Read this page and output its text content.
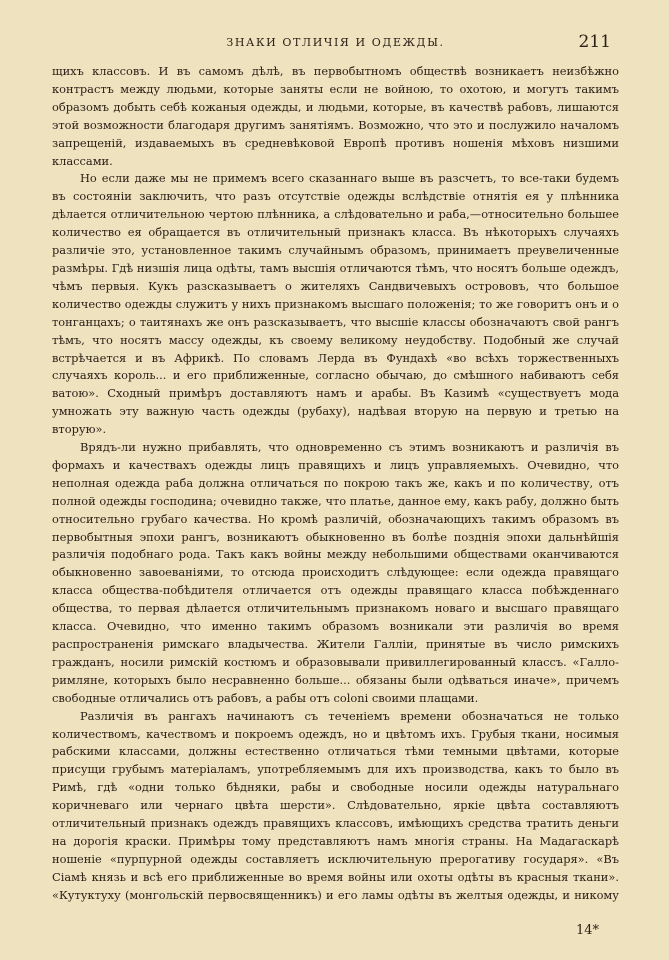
ЗНАКИ ОТЛИЧІЯ И ОДЕЖДЫ.	211

щихъ классовъ. И въ самомъ дѣлѣ, въ первобытномъ обществѣ возникаетъ неизбѣжно контрастъ между людьми, которые заняты если не войною, то охотою, и могутъ такимъ образомъ добыть себѣ кожаныя одежды, и людьми, которые, въ качествѣ рабовъ, лишаются этой возможности благодаря другимъ занятіямъ. Возможно, что это и послужило началомъ запрещеній, издаваемыхъ въ средневѣковой Европѣ противъ ношенія мѣховъ низшими классами.

Но если даже мы не примемъ всего сказаннаго выше въ разсчетъ, то все-таки будемъ въ состояніи заключить, что разъ отсутствіе одежды вслѣдствіе отнятія ея у плѣнника дѣлается отличительною чертою плѣнника, а слѣдовательно и раба,—относительно большее количество ея обращается въ отличительный признакъ класса. Въ нѣкоторыхъ случаяхъ различіе это, установленное такимъ случайнымъ образомъ, принимаетъ преувеличенные размѣры. Гдѣ низшія лица одѣты, тамъ высшія отличаются тѣмъ, что носятъ больше одеждъ, чѣмъ первыя. Кукъ разсказываетъ о жителяхъ Сандвичевыхъ острововъ, что большое количество одежды служитъ у нихъ признакомъ высшаго положенія; то же говоритъ онъ и о тонганцахъ; о таитянахъ же онъ разсказываетъ, что высшіе классы обозначаютъ свой рангъ тѣмъ, что носятъ массу одежды, къ своему великому неудобству. Подобный же случай встрѣчается и въ Африкѣ. По словамъ Лерда въ Фундахѣ «во всѣхъ торжественныхъ случаяхъ король... и его приближенные, согласно обычаю, до смѣшного набиваютъ себя ватою». Сходный примѣръ доставляютъ намъ и арабы. Въ Казимѣ «существуетъ мода умножать эту важную часть одежды (рубаху), надѣвая вторую на первую и третью на вторую».

Врядъ-ли нужно прибавлять, что одновременно съ этимъ возникаютъ и различія въ формахъ и качествахъ одежды лицъ правящихъ и лицъ управляемыхъ. Очевидно, что неполная одежда раба должна отличаться по покрою такъ же, какъ и по количеству, отъ полной одежды господина; очевидно также, что платье, данное ему, какъ рабу, должно быть относительно грубаго качества. Но кромѣ различій, обозначающихъ такимъ образомъ въ первобытныя эпохи рангъ, возникаютъ обыкновенно въ болѣе позднія эпохи дальнѣйшія различія подобнаго рода. Такъ какъ войны между небольшими обществами оканчиваются обыкновенно завоеваніями, то отсюда происходитъ слѣдующее: если одежда правящаго класса общества-побѣдителя отличается отъ одежды правящаго класса побѣжденнаго общества, то первая дѣлается отличительнымъ признакомъ новаго и высшаго правящаго класса. Очевидно, что именно такимъ образомъ возникали эти различія во время распространенія римскаго владычества. Жители Галліи, принятые въ число римскихъ гражданъ, носили римскій костюмъ и образовывали привиллегированный классъ. «Галло-римляне, которыхъ было несравненно больше... обязаны были одѣваться иначе», причемъ свободные отличались отъ рабовъ, а рабы отъ coloni своими плащами.

Различія въ рангахъ начинаютъ съ теченіемъ времени обозначаться не только количествомъ, качествомъ и покроемъ одеждъ, но и цвѣтомъ ихъ. Грубыя ткани, носимыя рабскими классами, должны естественно отличаться тѣми темными цвѣтами, которые присущи грубымъ матеріаламъ, употребляемымъ для ихъ производства, какъ то было въ Римѣ, гдѣ «одни только бѣдняки, рабы и свободные носили одежды натуральнаго коричневаго или чернаго цвѣта шерсти». Слѣдовательно, яркіе цвѣта составляютъ отличительный признакъ одеждъ правящихъ классовъ, имѣющихъ средства тратить деньги на дорогія краски. Примѣры тому представляютъ намъ многія страны. На Мадагаскарѣ ношеніе «пурпурной одежды составляетъ исключительную прерогативу государя». «Въ Сіамѣ князь и всѣ его приближенные во время войны или охоты одѣты въ красныя ткани». «Кутуктуху (монгольскій первосвященникъ) и его ламы одѣты въ желтыя одежды, и никому

14*
